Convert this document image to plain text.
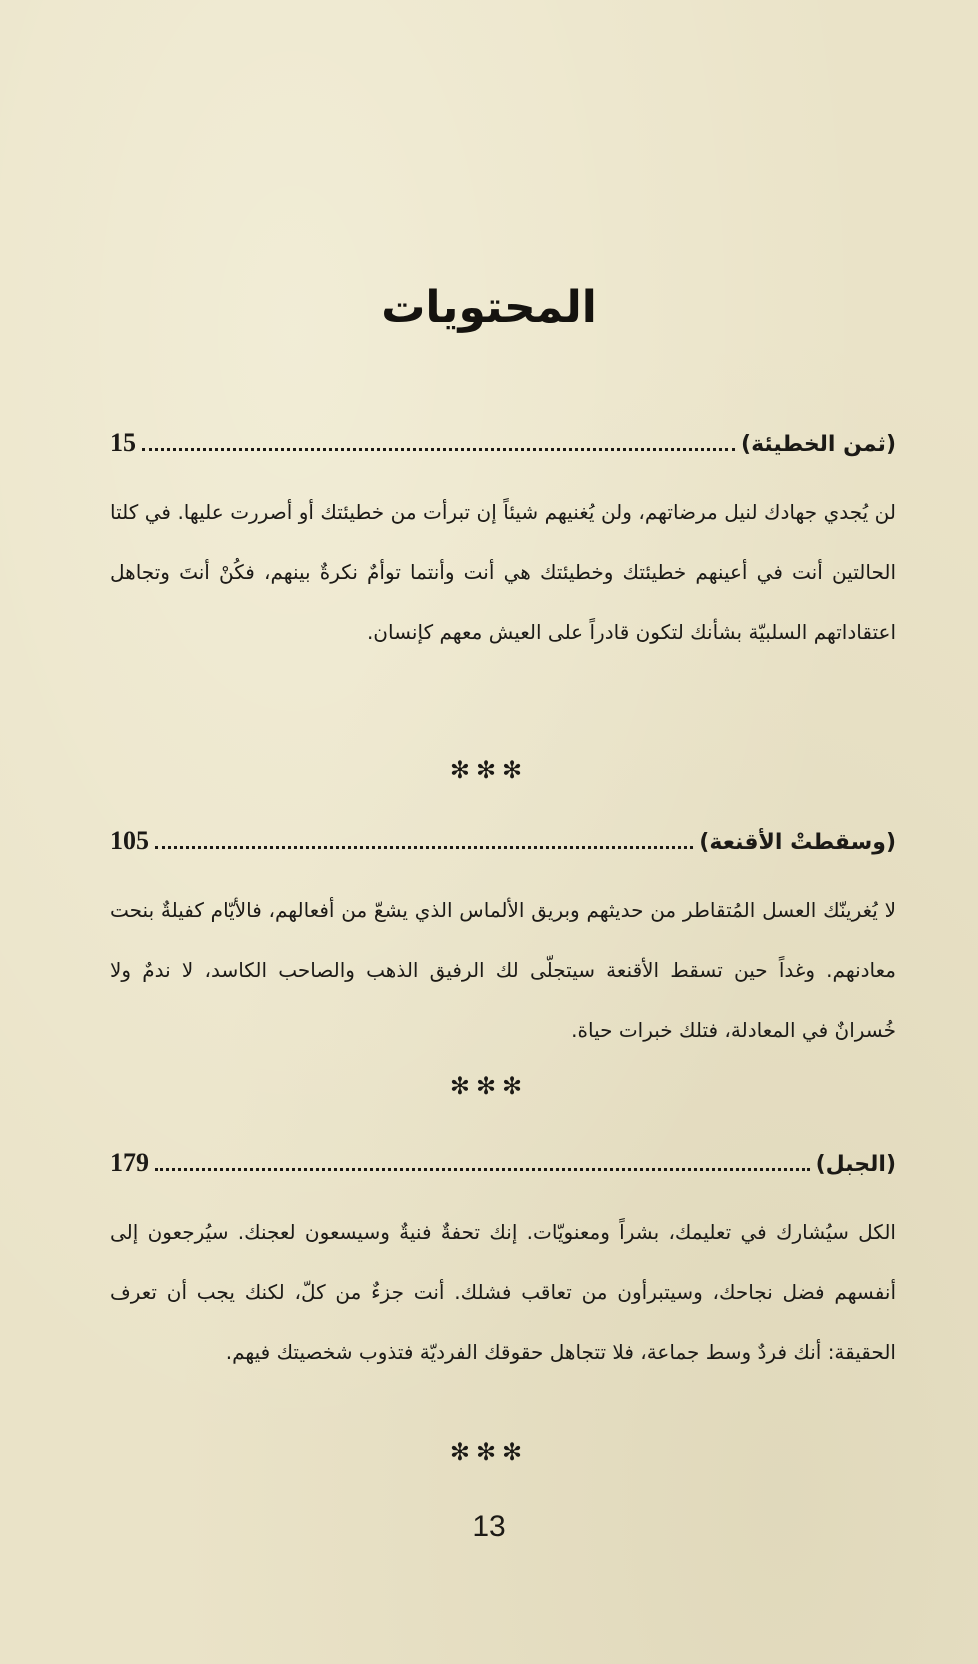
المحتويات
(ثمن الخطيئة)
15
لن يُجدي جهادك لنيل مرضاتهم، ولن يُغنيهم شيئاً إن تبرأت من خطيئتك أو أصررت عليها. في كلتا الحالتين أنت في أعينهم خطيئتك وخطيئتك هي أنت وأنتما توأمٌ نكرةٌ بينهم، فكُنْ أنتَ وتجاهل اعتقاداتهم السلبيّة بشأنك لتكون قادراً على العيش معهم كإنسان.
✻✻✻
(وسقطتْ الأقنعة)
105
لا يُغرينّك العسل المُتقاطر من حديثهم وبريق الألماس الذي يشعّ من أفعالهم، فالأيّام كفيلةٌ بنحت معادنهم. وغداً حين تسقط الأقنعة سيتجلّى لك الرفيق الذهب والصاحب الكاسد، لا ندمٌ ولا خُسرانٌ في المعادلة، فتلك خبرات حياة.
✻✻✻
(الجبل)
179
الكل سيُشارك في تعليمك، بشراً ومعنويّات. إنك تحفةٌ فنيةٌ وسيسعون لعجنك. سيُرجعون إلى أنفسهم فضل نجاحك، وسيتبرأون من تعاقب فشلك. أنت جزءٌ من كلّ، لكنك يجب أن تعرف الحقيقة: أنك فردٌ وسط جماعة، فلا تتجاهل حقوقك الفرديّة فتذوب شخصيتك فيهم.
✻✻✻
13
